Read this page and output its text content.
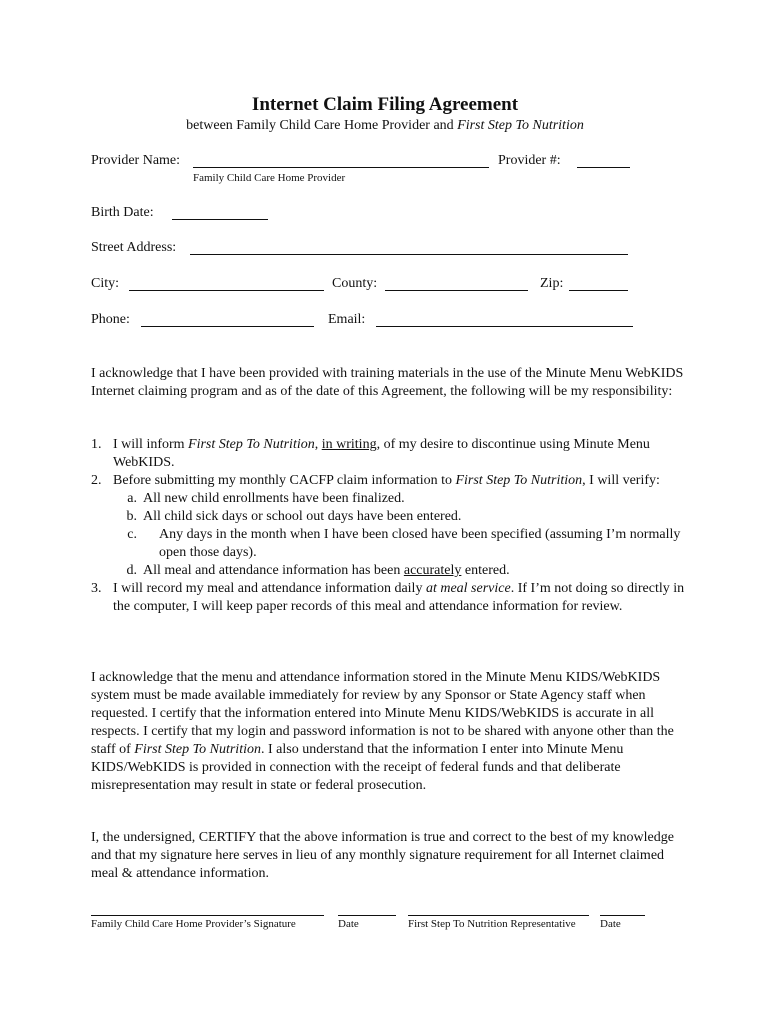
Internet Claim Filing Agreement
between Family Child Care Home Provider and First Step To Nutrition
Provider Name:
Family Child Care Home Provider
Provider #:
Birth Date:
Street Address:
City:	County:	Zip:
Phone:	Email:
I acknowledge that I have been provided with training materials in the use of the Minute Menu WebKIDS Internet claiming program and as of the date of this Agreement, the following will be my responsibility:
1. I will inform First Step To Nutrition, in writing, of my desire to discontinue using Minute Menu WebKIDS.
2. Before submitting my monthly CACFP claim information to First Step To Nutrition, I will verify:
a. All new child enrollments have been finalized.
b. All child sick days or school out days have been entered.
c. Any days in the month when I have been closed have been specified (assuming I’m normally open those days).
d. All meal and attendance information has been accurately entered.
3. I will record my meal and attendance information daily at meal service. If I’m not doing so directly in the computer, I will keep paper records of this meal and attendance information for review.
I acknowledge that the menu and attendance information stored in the Minute Menu KIDS/WebKIDS system must be made available immediately for review by any Sponsor or State Agency staff when requested. I certify that the information entered into Minute Menu KIDS/WebKIDS is accurate in all respects. I certify that my login and password information is not to be shared with anyone other than the staff of First Step To Nutrition. I also understand that the information I enter into Minute Menu KIDS/WebKIDS is provided in connection with the receipt of federal funds and that deliberate misrepresentation may result in state or federal prosecution.
I, the undersigned, CERTIFY that the above information is true and correct to the best of my knowledge and that my signature here serves in lieu of any monthly signature requirement for all Internet claimed meal & attendance information.
Family Child Care Home Provider’s Signature	Date	First Step To Nutrition Representative Date
